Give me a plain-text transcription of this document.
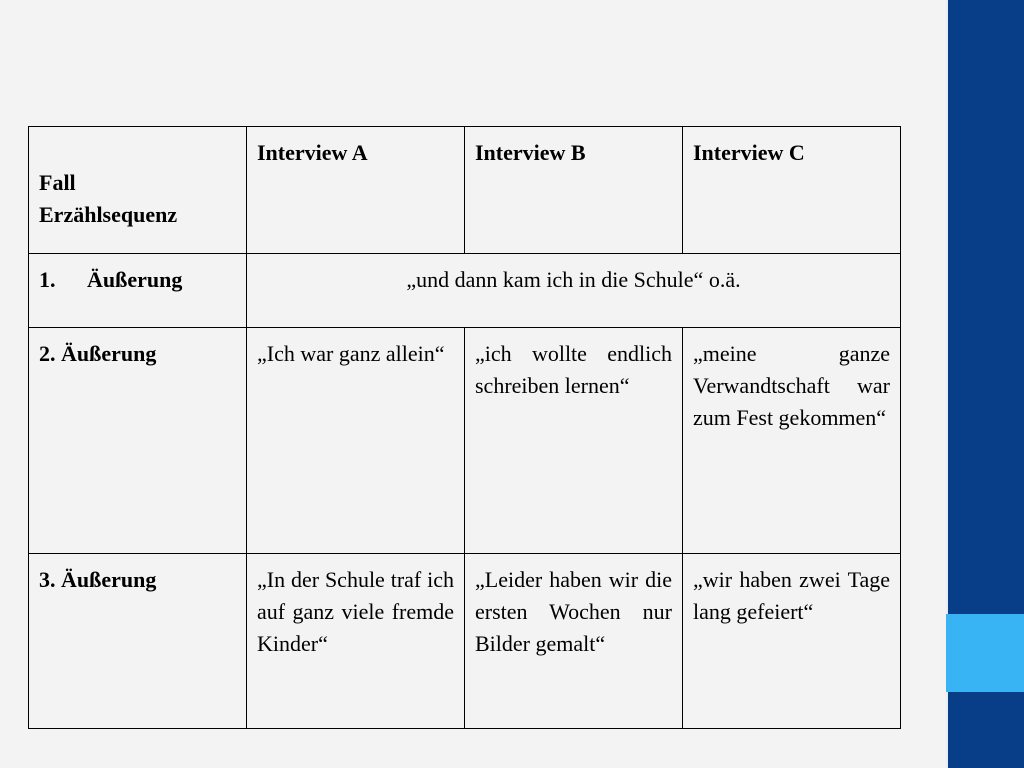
Fall
Erzählsequenz	Interview A	Interview B	Interview C
1. Äußerung	„und dann kam ich in die Schule“ o.ä.		
2. Äußerung	„Ich war ganz allein“	„ich wollte endlich schreiben lernen“	„meine ganze Verwandtschaft war zum Fest gekommen“
3. Äußerung	„In der Schule traf ich auf ganz viele fremde Kinder“	„Leider haben wir die ersten Wochen nur Bilder gemalt“	„wir haben zwei Tage lang gefeiert“
